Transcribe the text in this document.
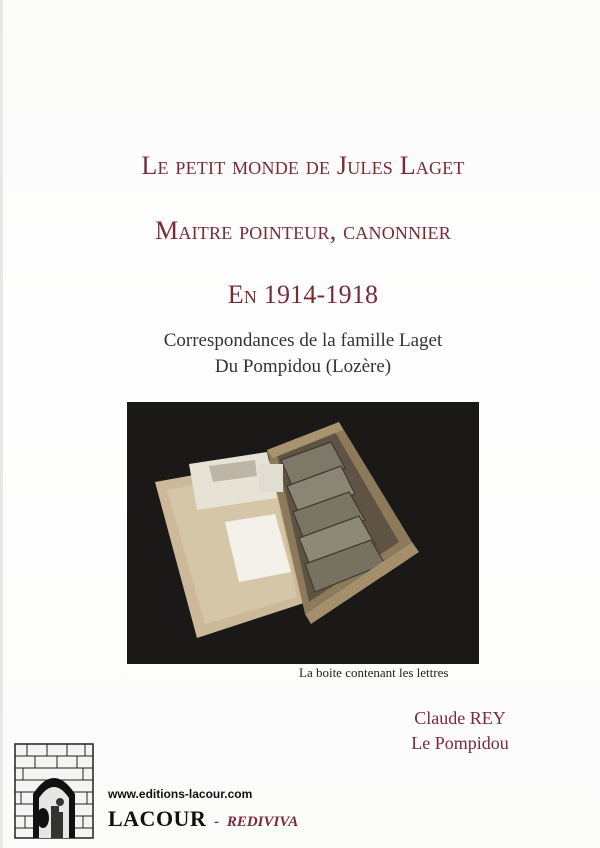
Le petit monde de Jules Laget
Maitre pointeur, canonnier
En 1914-1918
Correspondances de la famille Laget
Du Pompidou (Lozère)
La boite contenant les lettres
Claude REY
Le Pompidou
www.editions-lacour.com
LACOUR - REDIVIVA
